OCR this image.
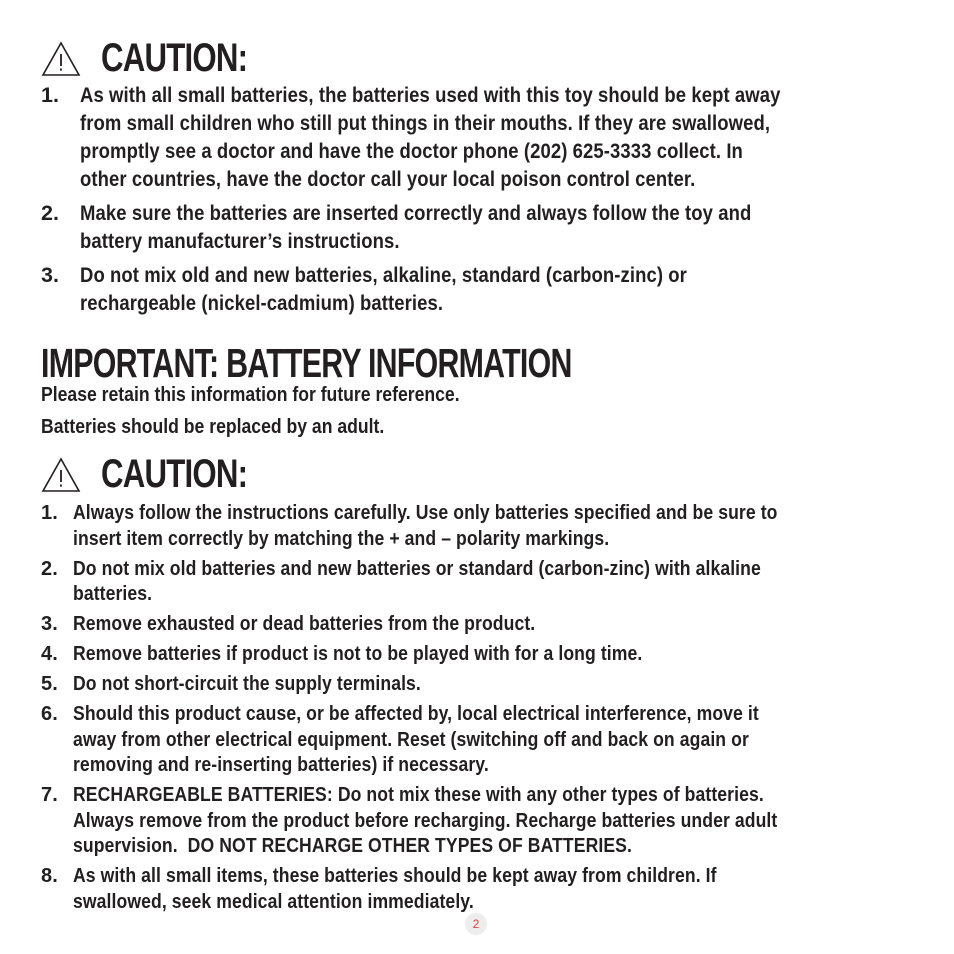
CAUTION:
1. As with all small batteries, the batteries used with this toy should be kept away
from small children who still put things in their mouths. If they are swallowed,
promptly see a doctor and have the doctor phone (202) 625-3333 collect. In
other countries, have the doctor call your local poison control center.
2. Make sure the batteries are inserted correctly and always follow the toy and
battery manufacturer’s instructions.
3. Do not mix old and new batteries, alkaline, standard (carbon-zinc) or
rechargeable (nickel-cadmium) batteries.
IMPORTANT: BATTERY INFORMATION
Please retain this information for future reference.
Batteries should be replaced by an adult.
CAUTION:
1. Always follow the instructions carefully. Use only batteries specified and be sure to
insert item correctly by matching the + and – polarity markings.
2. Do not mix old batteries and new batteries or standard (carbon-zinc) with alkaline
batteries.
3. Remove exhausted or dead batteries from the product.
4. Remove batteries if product is not to be played with for a long time.
5. Do not short-circuit the supply terminals.
6. Should this product cause, or be affected by, local electrical interference, move it
away from other electrical equipment. Reset (switching off and back on again or
removing and re-inserting batteries) if necessary.
7. RECHARGEABLE BATTERIES: Do not mix these with any other types of batteries.
Always remove from the product before recharging. Recharge batteries under adult
supervision.  DO NOT RECHARGE OTHER TYPES OF BATTERIES.
8. As with all small items, these batteries should be kept away from children. If
swallowed, seek medical attention immediately.
2
